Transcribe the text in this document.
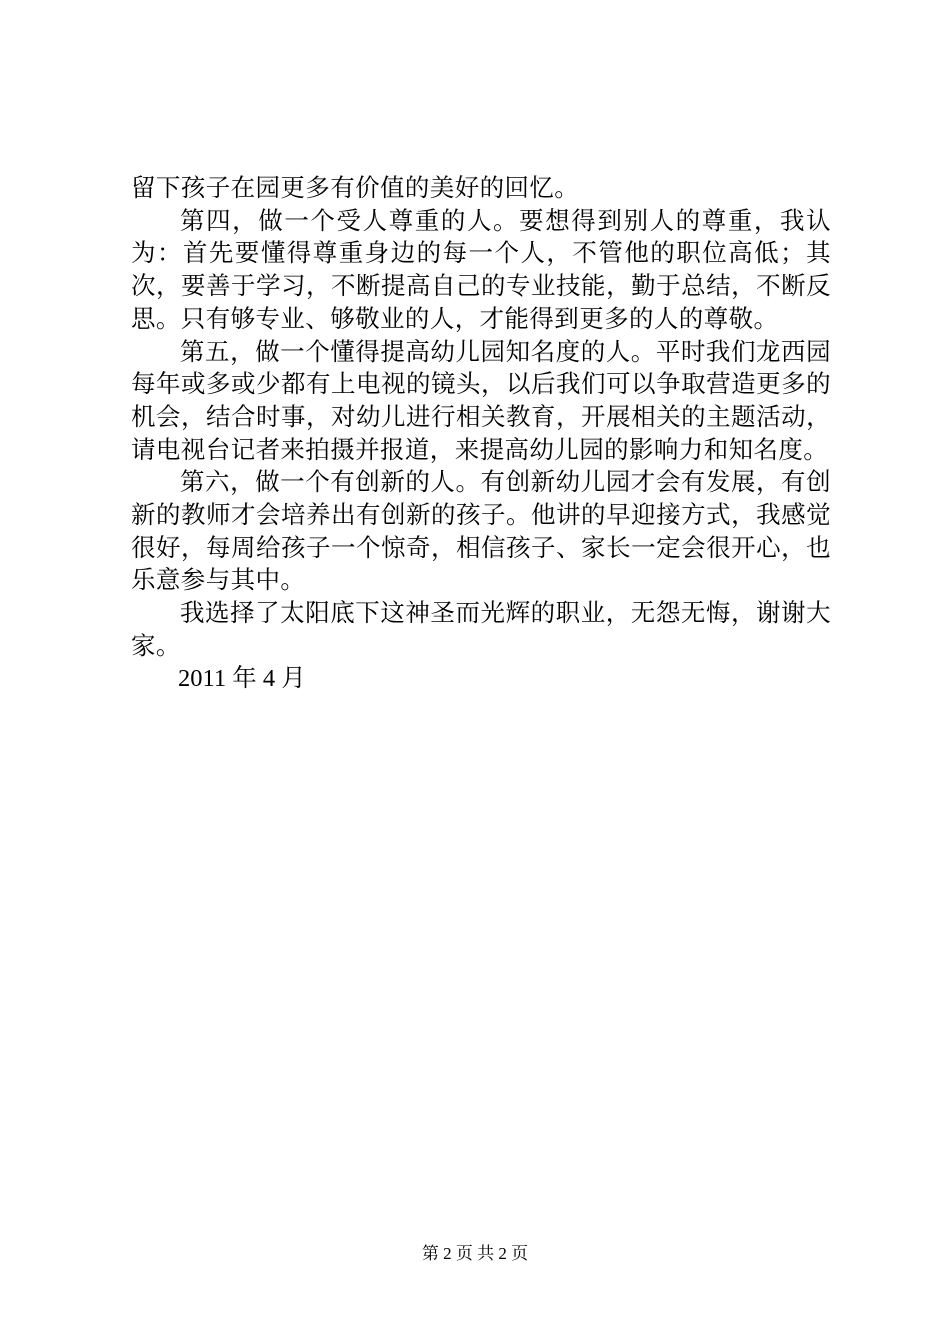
留下孩子在园更多有价值的美好的回忆。

第四，做一个受人尊重的人。要想得到别人的尊重，我认为：首先要懂得尊重身边的每一个人，不管他的职位高低；其次，要善于学习，不断提高自己的专业技能，勤于总结，不断反思。只有够专业、够敬业的人，才能得到更多的人的尊敬。

第五，做一个懂得提高幼儿园知名度的人。平时我们龙西园每年或多或少都有上电视的镜头，以后我们可以争取营造更多的机会，结合时事，对幼儿进行相关教育，开展相关的主题活动，请电视台记者来拍摄并报道，来提高幼儿园的影响力和知名度。

第六，做一个有创新的人。有创新幼儿园才会有发展，有创新的教师才会培养出有创新的孩子。他讲的早迎接方式，我感觉很好，每周给孩子一个惊奇，相信孩子、家长一定会很开心，也乐意参与其中。

我选择了太阳底下这神圣而光辉的职业，无怨无悔，谢谢大家。

2011 年 4 月

第 2 页 共 2 页
